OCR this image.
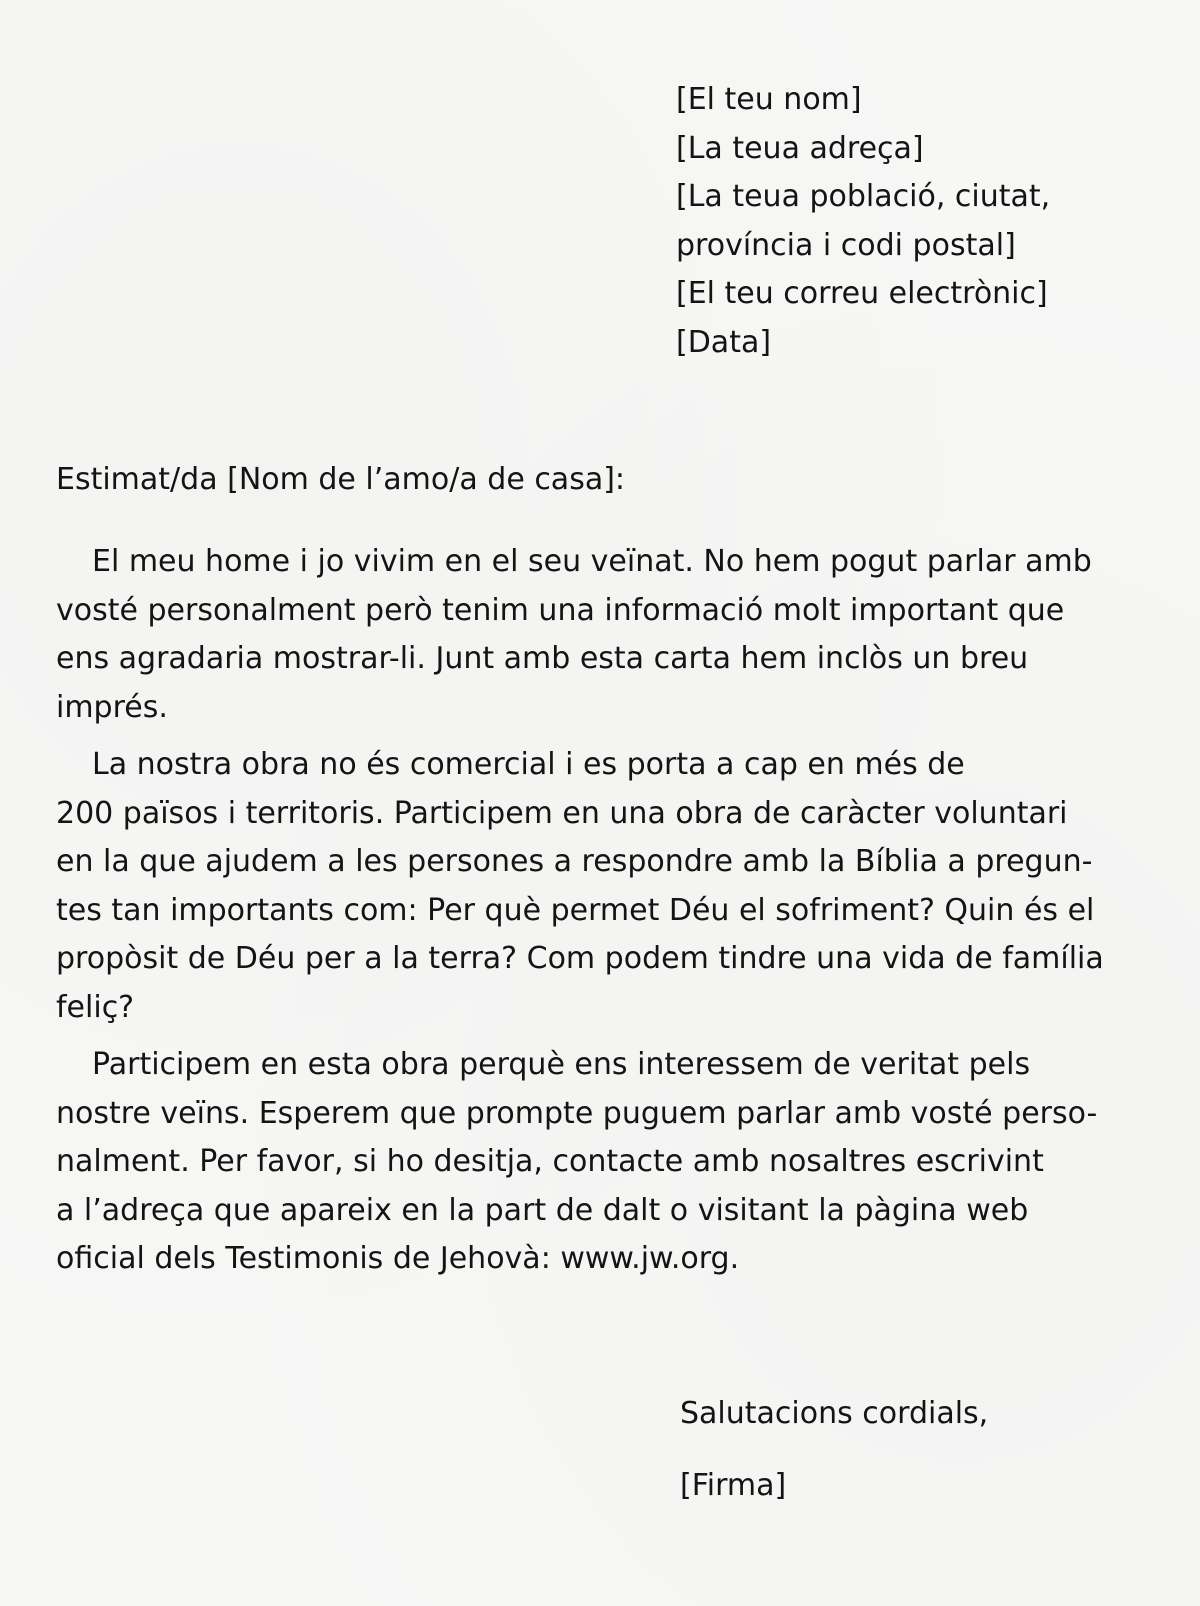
[El teu nom]
[La teua adreça]
[La teua població, ciutat,
província i codi postal]
[El teu correu electrònic]
[Data]
Estimat/da [Nom de l’amo/a de casa]:

El meu home i jo vivim en el seu veïnat. No hem pogut parlar amb
vosté personalment però tenim una informació molt important que
ens agradaria mostrar-li. Junt amb esta carta hem inclòs un breu
imprés.

La nostra obra no és comercial i es porta a cap en més de
200 països i territoris. Participem en una obra de caràcter voluntari
en la que ajudem a les persones a respondre amb la Bíblia a pregun-
tes tan importants com: Per què permet Déu el sofriment? Quin és el
propòsit de Déu per a la terra? Com podem tindre una vida de família
feliç?

Participem en esta obra perquè ens interessem de veritat pels
nostre veïns. Esperem que prompte puguem parlar amb vosté perso-
nalment. Per favor, si ho desitja, contacte amb nosaltres escrivint
a l’adreça que apareix en la part de dalt o visitant la pàgina web
oficial dels Testimonis de Jehovà: www.jw.org.

Salutacions cordials,
[Firma]
